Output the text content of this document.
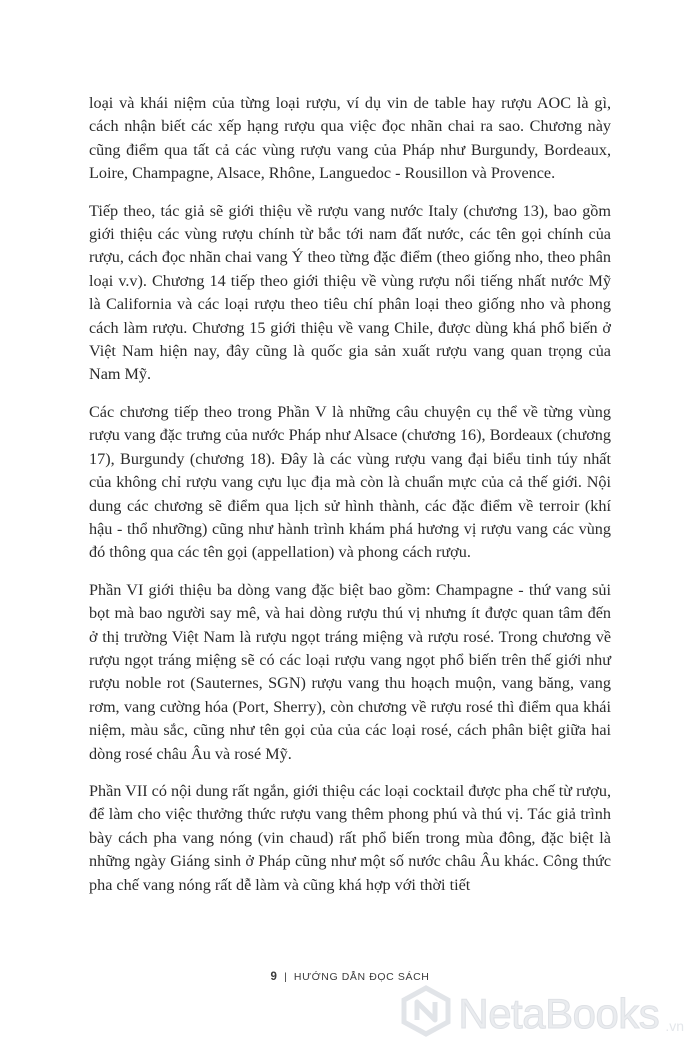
loại và khái niệm của từng loại rượu, ví dụ vin de table hay rượu AOC là gì, cách nhận biết các xếp hạng rượu qua việc đọc nhãn chai ra sao. Chương này cũng điểm qua tất cả các vùng rượu vang của Pháp như Burgundy, Bordeaux, Loire, Champagne, Alsace, Rhône, Languedoc - Rousillon và Provence.

Tiếp theo, tác giả sẽ giới thiệu về rượu vang nước Italy (chương 13), bao gồm giới thiệu các vùng rượu chính từ bắc tới nam đất nước, các tên gọi chính của rượu, cách đọc nhãn chai vang Ý theo từng đặc điểm (theo giống nho, theo phân loại v.v). Chương 14 tiếp theo giới thiệu về vùng rượu nổi tiếng nhất nước Mỹ là California và các loại rượu theo tiêu chí phân loại theo giống nho và phong cách làm rượu. Chương 15 giới thiệu về vang Chile, được dùng khá phổ biến ở Việt Nam hiện nay, đây cũng là quốc gia sản xuất rượu vang quan trọng của Nam Mỹ.

Các chương tiếp theo trong Phần V là những câu chuyện cụ thể về từng vùng rượu vang đặc trưng của nước Pháp như Alsace (chương 16), Bordeaux (chương 17), Burgundy (chương 18). Đây là các vùng rượu vang đại biểu tinh túy nhất của không chỉ rượu vang cựu lục địa mà còn là chuẩn mực của cả thế giới. Nội dung các chương sẽ điểm qua lịch sử hình thành, các đặc điểm về terroir (khí hậu - thổ nhưỡng) cũng như hành trình khám phá hương vị rượu vang các vùng đó thông qua các tên gọi (appellation) và phong cách rượu.

Phần VI giới thiệu ba dòng vang đặc biệt bao gồm: Champagne - thứ vang sủi bọt mà bao người say mê, và hai dòng rượu thú vị nhưng ít được quan tâm đến ở thị trường Việt Nam là rượu ngọt tráng miệng và rượu rosé. Trong chương về rượu ngọt tráng miệng sẽ có các loại rượu vang ngọt phổ biến trên thế giới như rượu noble rot (Sauternes, SGN) rượu vang thu hoạch muộn, vang băng, vang rơm, vang cường hóa (Port, Sherry), còn chương về rượu rosé thì điểm qua khái niệm, màu sắc, cũng như tên gọi của của các loại rosé, cách phân biệt giữa hai dòng rosé châu Âu và rosé Mỹ.

Phần VII có nội dung rất ngắn, giới thiệu các loại cocktail được pha chế từ rượu, để làm cho việc thưởng thức rượu vang thêm phong phú và thú vị. Tác giả trình bày cách pha vang nóng (vin chaud) rất phổ biến trong mùa đông, đặc biệt là những ngày Giáng sinh ở Pháp cũng như một số nước châu Âu khác. Công thức pha chế vang nóng rất dễ làm và cũng khá hợp với thời tiết

9 | HƯỚNG DẪN ĐỌC SÁCH
NetaBooks .vn
